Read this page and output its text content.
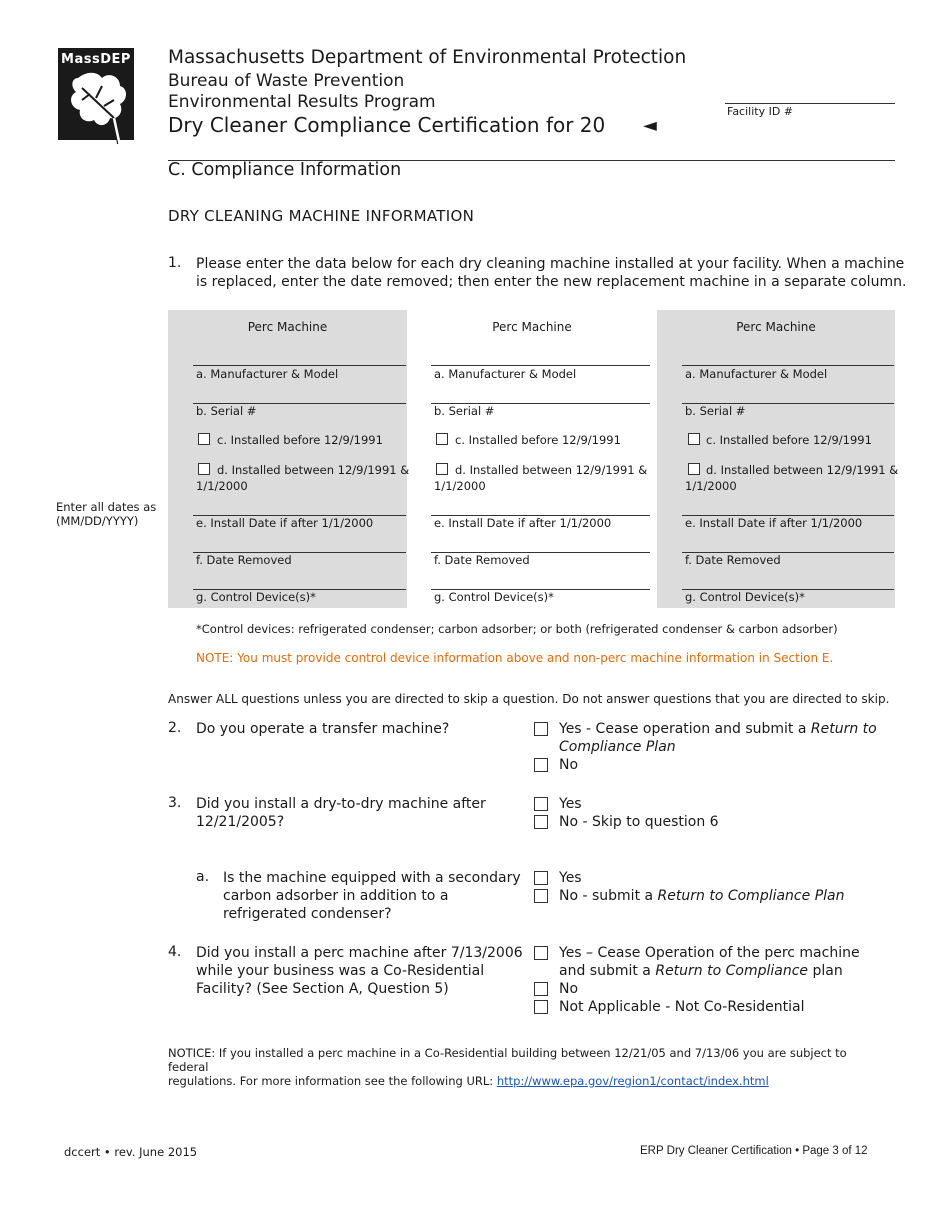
MassDEP Massachusetts Department of Environmental Protection
Bureau of Waste Prevention
Environmental Results Program
Dry Cleaner Compliance Certification for 20 ◄
Facility ID #
C. Compliance Information
DRY CLEANING MACHINE INFORMATION
1. Please enter the data below for each dry cleaning machine installed at your facility. When a machine
is replaced, enter the date removed; then enter the new replacement machine in a separate column.
Perc Machine
a. Manufacturer & Model
b. Serial #
c. Installed before 12/9/1991
d. Installed between 12/9/1991 &
1/1/2000
e. Install Date if after 1/1/2000
f. Date Removed
g. Control Device(s)*
Perc Machine
a. Manufacturer & Model
b. Serial #
c. Installed before 12/9/1991
d. Installed between 12/9/1991 &
1/1/2000
e. Install Date if after 1/1/2000
f. Date Removed
g. Control Device(s)*
Perc Machine
a. Manufacturer & Model
b. Serial #
c. Installed before 12/9/1991
d. Installed between 12/9/1991 &
1/1/2000
e. Install Date if after 1/1/2000
f. Date Removed
g. Control Device(s)*
Enter all dates as
(MM/DD/YYYY)
*Control devices: refrigerated condenser; carbon adsorber; or both (refrigerated condenser & carbon adsorber)
NOTE: You must provide control device information above and non-perc machine information in Section E.
Answer ALL questions unless you are directed to skip a question. Do not answer questions that you are directed to skip.
2. Do you operate a transfer machine?	Yes - Cease operation and submit a Return to
Compliance Plan
No
3. Did you install a dry-to-dry machine after
12/21/2005?
Yes
No - Skip to question 6
a. Is the machine equipped with a secondary
carbon adsorber in addition to a
refrigerated condenser?
Yes
No - submit a Return to Compliance Plan
4. Did you install a perc machine after 7/13/2006
while your business was a Co-Residential
Facility? (See Section A, Question 5)
Yes – Cease Operation of the perc machine
and submit a Return to Compliance plan
No
Not Applicable - Not Co-Residential
NOTICE: If you installed a perc machine in a Co-Residential building between 12/21/05 and 7/13/06 you are subject to federal
regulations. For more information see the following URL: http://www.epa.gov/region1/contact/index.html
dccert • rev. June 2015	ERP Dry Cleaner Certification • Page 3 of 12
